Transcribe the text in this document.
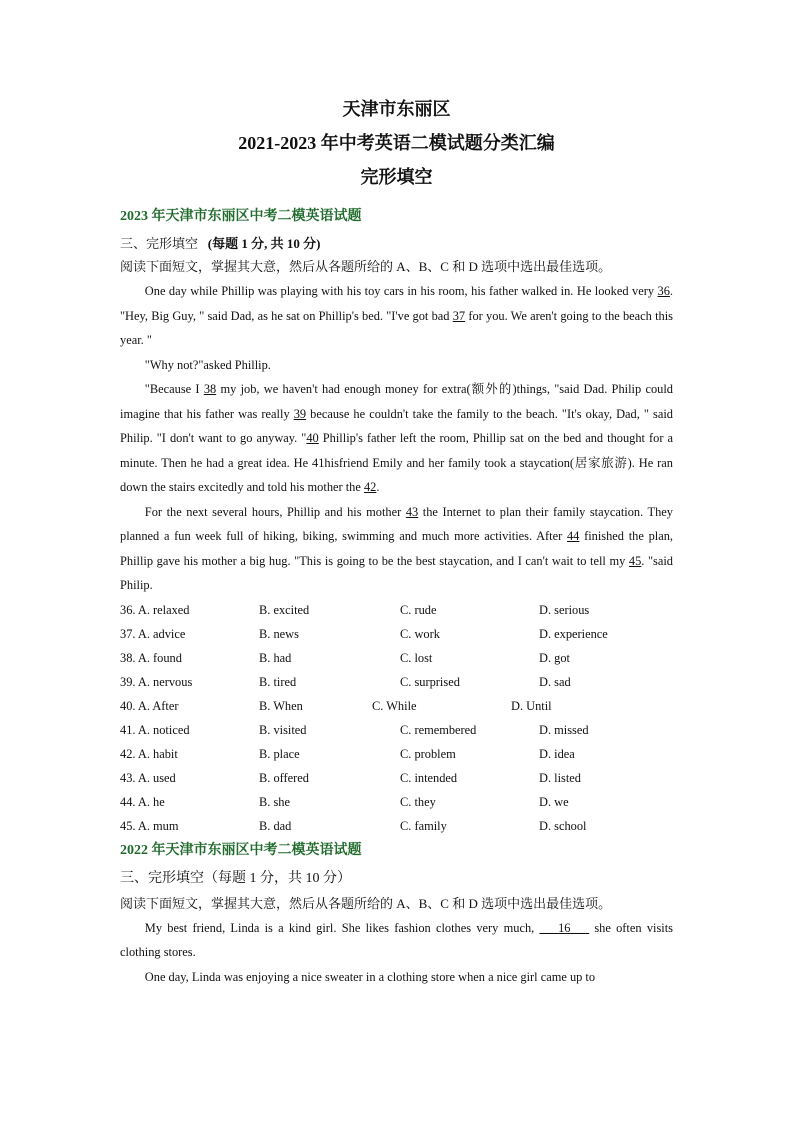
天津市东丽区

2021-2023 年中考英语二模试题分类汇编

完形填空

2023 年天津市东丽区中考二模英语试题

三、完形填空 (每题 1 分, 共 10 分)

阅读下面短文，掌握其大意，然后从各题所给的 A、B、C 和 D 选项中选出最佳选项。

One day while Phillip was playing with his toy cars in his room, his father walked in. He looked very 36. "Hey, Big Guy, " said Dad, as he sat on Phillip's bed. "I've got bad 37 for you. We aren't going to the beach this year. "

"Why not?"asked Phillip.

"Because I 38 my job, we haven't had enough money for extra(额外的)things, "said Dad. Philip could imagine that his father was really 39 because he couldn't take the family to the beach. "It's okay, Dad, " said Philip. "I don't want to go anyway. "40 Phillip's father left the room, Phillip sat on the bed and thought for a minute. Then he had a great idea. He 41hisfriend Emily and her family took a staycation(居家旅游). He ran down the stairs excitedly and told his mother the 42.

For the next several hours, Phillip and his mother 43 the Internet to plan their family staycation. They planned a fun week full of hiking, biking, swimming and much more activities. After 44 finished the plan, Phillip gave his mother a big hug. "This is going to be the best staycation, and I can't wait to tell my 45. "said Philip.

36. A. relaxed	B. excited	C. rude	D. serious
37. A. advice	B. news	C. work	D. experience
38. A. found	B. had	C. lost	D. got
39. A. nervous	B. tired	C. surprised	D. sad
40. A. After	B. When	C. While	D. Until
41. A. noticed	B. visited	C. remembered	D. missed
42. A. habit	B. place	C. problem	D. idea
43. A. used	B. offered	C. intended	D. listed
44. A. he	B. she	C. they	D. we
45. A. mum	B. dad	C. family	D. school
2022 年天津市东丽区中考二模英语试题

三、完形填空（每题 1 分，共 10 分）

阅读下面短文，掌握其大意，然后从各题所给的 A、B、C 和 D 选项中选出最佳选项。

My best friend, Linda is a kind girl. She likes fashion clothes very much, ___16___ she often visits clothing stores.

One day, Linda was enjoying a nice sweater in a clothing store when a nice girl came up to
